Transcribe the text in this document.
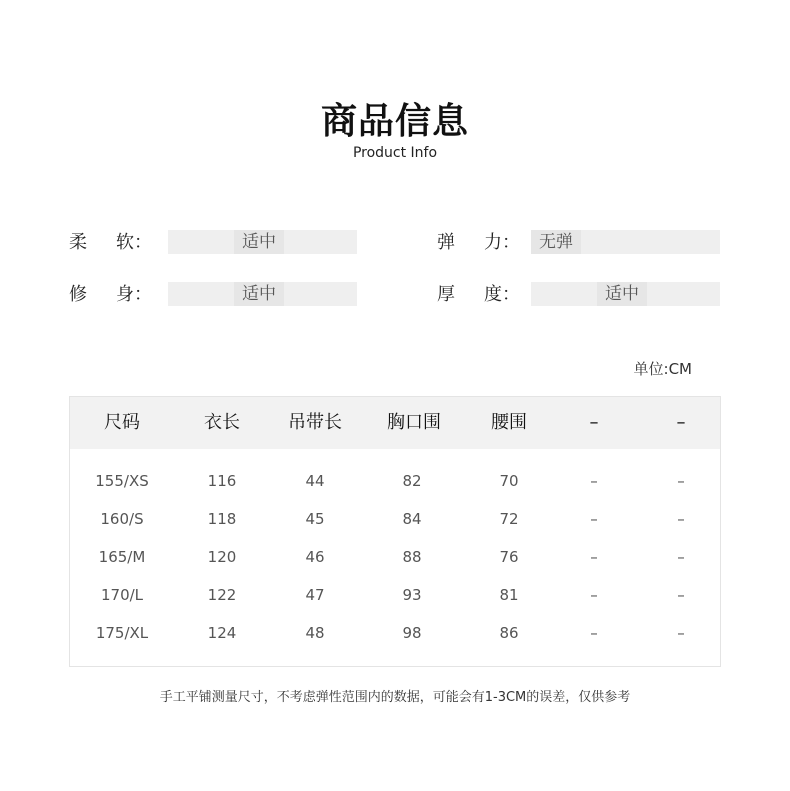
商品信息
Product Info
柔	软：	适中	弹	力：	无弹
修	身：	适中	厚	度：	适中
单位:CM
尺码	衣长	吊带长	胸口围	腰围	–	–
155/XS	116	44	82	70	–	–
160/S	118	45	84	72	–	–
165/M	120	46	88	76	–	–
170/L	122	47	93	81	–	–
175/XL	124	48	98	86	–	–
手工平铺测量尺寸，不考虑弹性范围内的数据，可能会有1-3CM的误差，仅供参考
